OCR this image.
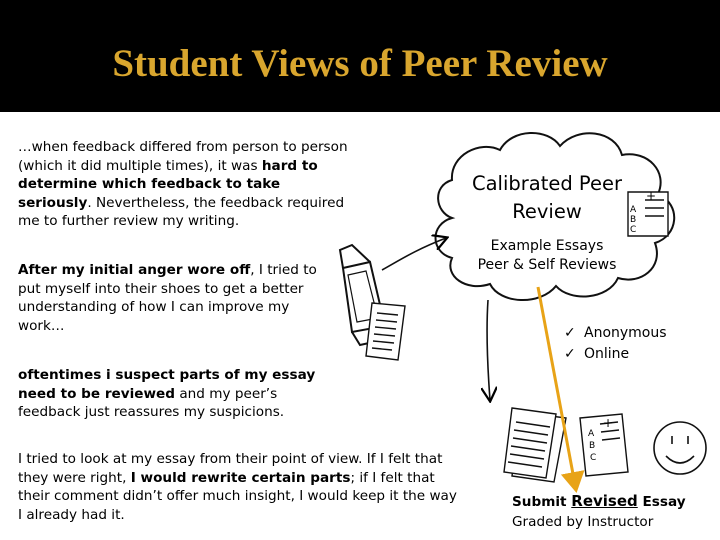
Student Views of Peer Review
…when feedback differed from person to person (which it did multiple times), it was hard to determine which feedback to take seriously. Nevertheless, the feedback required me to further review my writing.
After my initial anger wore off, I tried to put myself into their shoes to get a better understanding of how I can improve my work…
oftentimes i suspect parts of my essay need to be reviewed and my peer’s feedback just reassures my suspicions.
I tried to look at my essay from their point of view. If I felt that they were right, I would rewrite certain parts; if I felt that their comment didn’t offer much insight, I would keep it the way I already had it.
+
A
B
C
+
A
B
C
Calibrated Peer Review
Example Essays
Peer & Self Reviews
✓ Anonymous
✓ Online
Submit Revised Essay
Graded by Instructor
